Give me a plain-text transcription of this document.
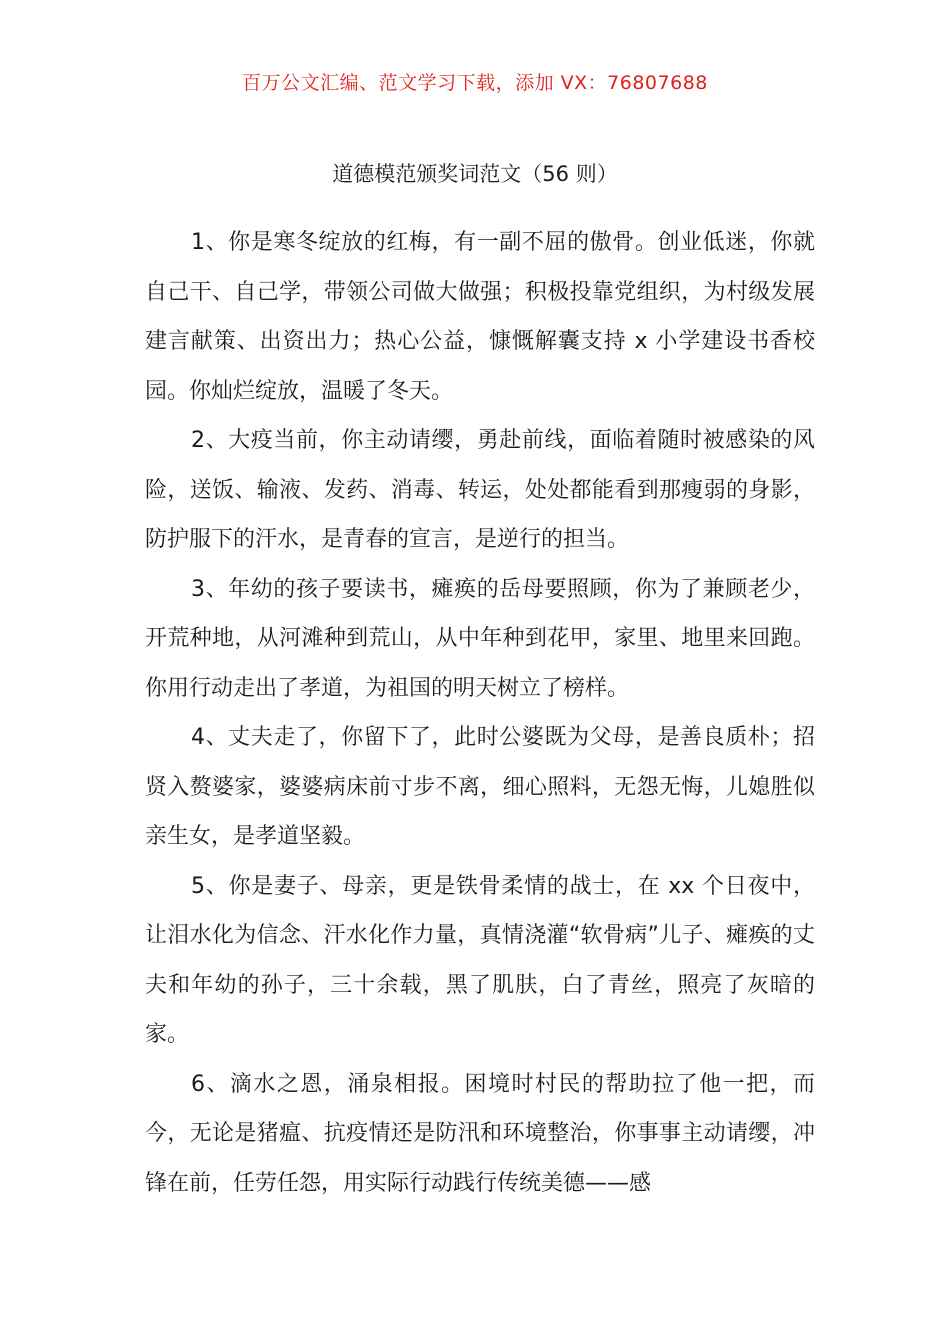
百万公文汇编、范文学习下载，添加 VX：76807688
道德模范颁奖词范文（56 则）

1、你是寒冬绽放的红梅，有一副不屈的傲骨。创业低迷，你就自己干、自己学，带领公司做大做强；积极投靠党组织，为村级发展建言献策、出资出力；热心公益，慷慨解囊支持 x 小学建设书香校园。你灿烂绽放，温暖了冬天。

2、大疫当前，你主动请缨，勇赴前线，面临着随时被感染的风险，送饭、输液、发药、消毒、转运，处处都能看到那瘦弱的身影，防护服下的汗水，是青春的宣言，是逆行的担当。

3、年幼的孩子要读书，瘫痪的岳母要照顾，你为了兼顾老少，开荒种地，从河滩种到荒山，从中年种到花甲，家里、地里来回跑。你用行动走出了孝道，为祖国的明天树立了榜样。

4、丈夫走了，你留下了，此时公婆既为父母，是善良质朴；招贤入赘婆家，婆婆病床前寸步不离，细心照料，无怨无悔，儿媳胜似亲生女，是孝道坚毅。

5、你是妻子、母亲，更是铁骨柔情的战士，在 xx 个日夜中，让泪水化为信念、汗水化作力量，真情浇灌“软骨病”儿子、瘫痪的丈夫和年幼的孙子，三十余载，黑了肌肤，白了青丝，照亮了灰暗的家。

6、滴水之恩，涌泉相报。困境时村民的帮助拉了他一把，而今，无论是猪瘟、抗疫情还是防汛和环境整治，你事事主动请缨，冲锋在前，任劳任怨，用实际行动践行传统美德——感
